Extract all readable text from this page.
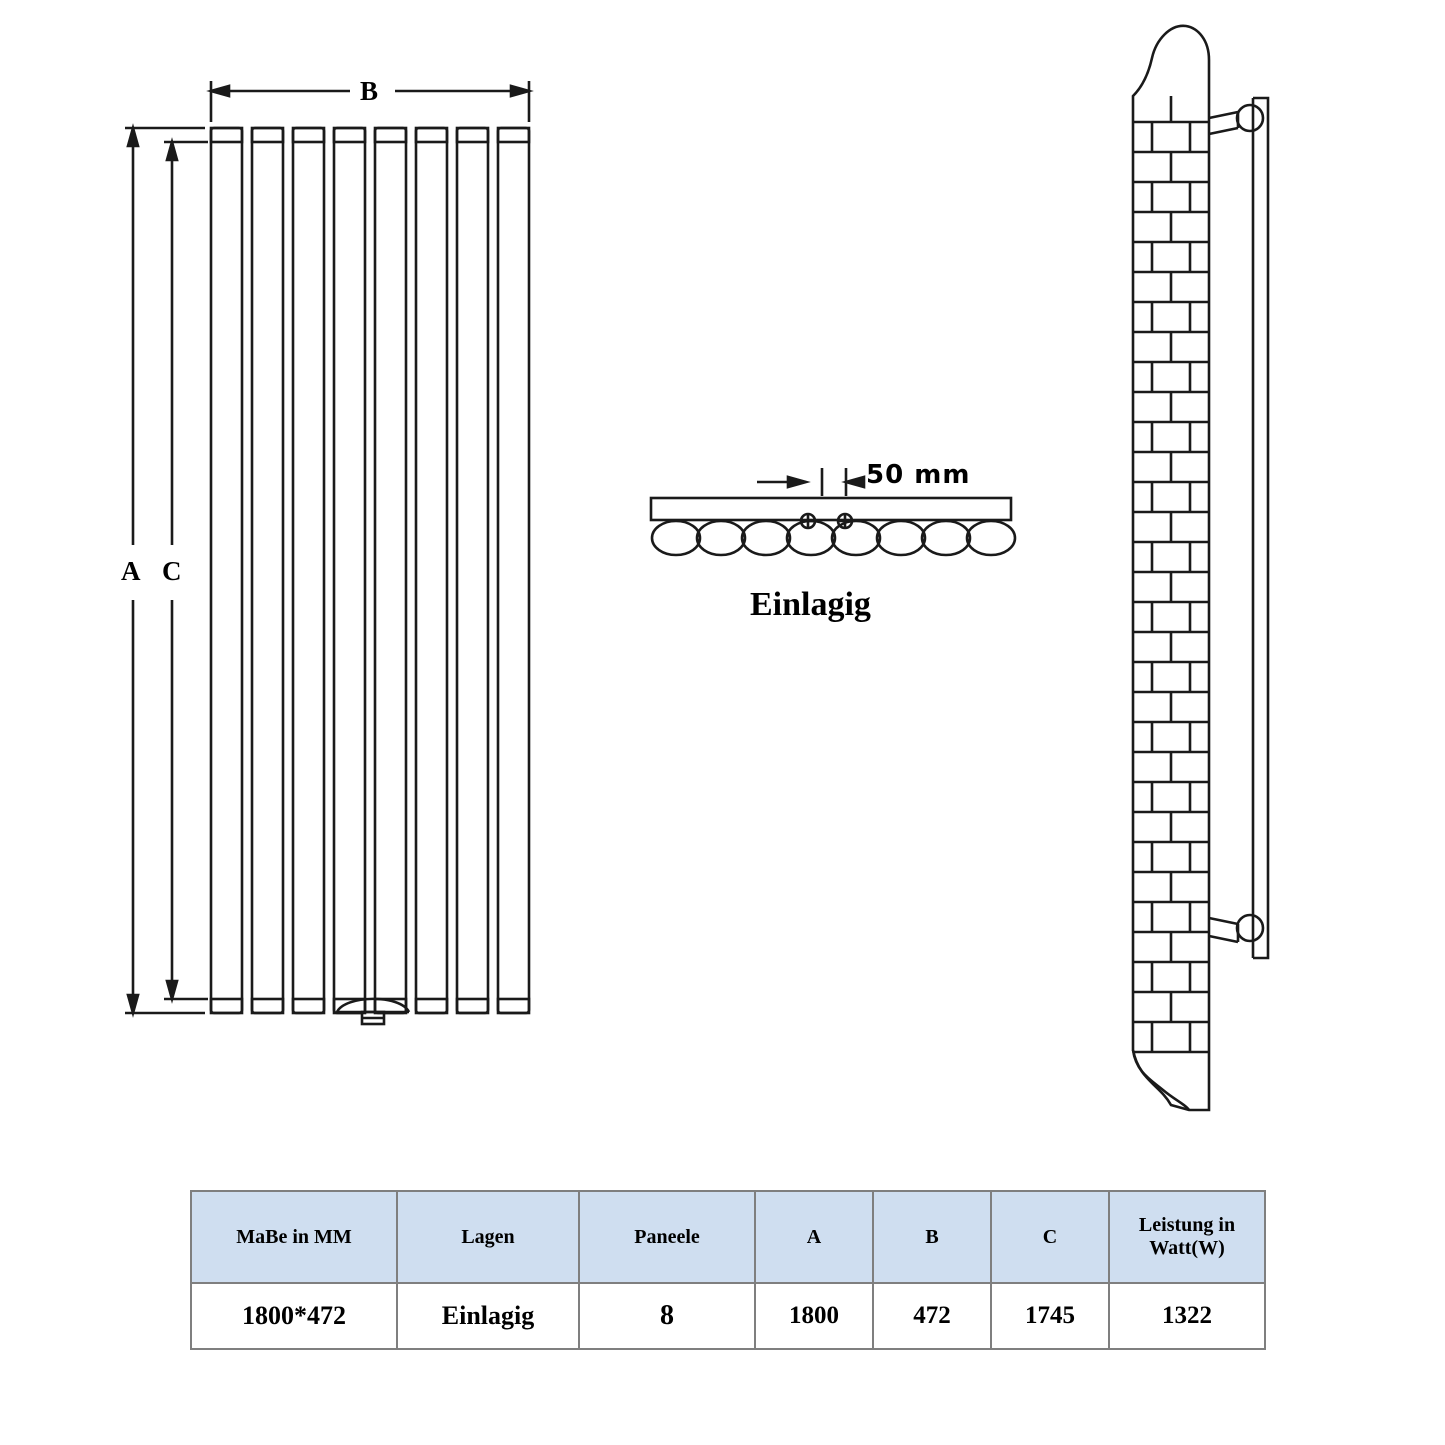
B
A C
50 mm
Einlagig
MaBe in MM	Lagen	Paneele	A	B	C	Leistung in Watt(W)
1800*472	Einlagig	8	1800	472	1745	1322
